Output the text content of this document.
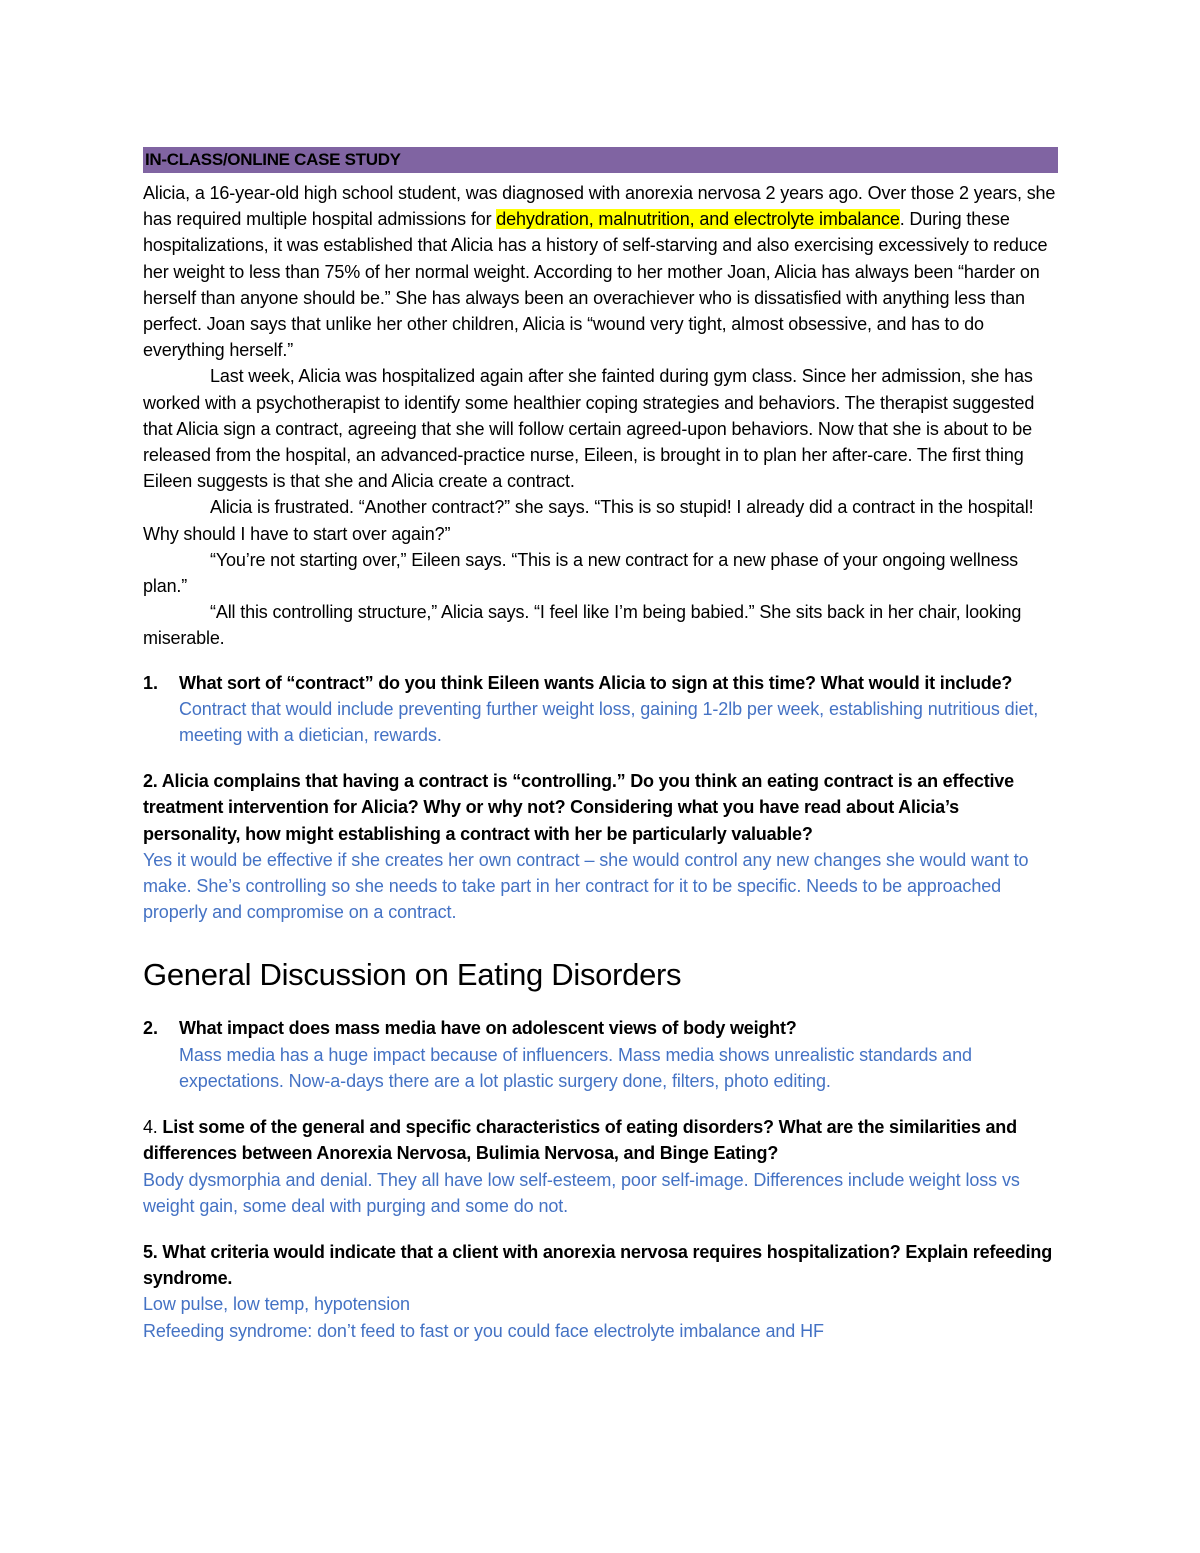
IN-CLASS/ONLINE CASE STUDY

Alicia, a 16-year-old high school student, was diagnosed with anorexia nervosa 2 years ago. Over those 2 years, she has required multiple hospital admissions for dehydration, malnutrition, and electrolyte imbalance. During these hospitalizations, it was established that Alicia has a history of self-starving and also exercising excessively to reduce her weight to less than 75% of her normal weight. According to her mother Joan, Alicia has always been “harder on herself than anyone should be.” She has always been an overachiever who is dissatisfied with anything less than perfect. Joan says that unlike her other children, Alicia is “wound very tight, almost obsessive, and has to do everything herself.”

Last week, Alicia was hospitalized again after she fainted during gym class. Since her admission, she has worked with a psychotherapist to identify some healthier coping strategies and behaviors. The therapist suggested that Alicia sign a contract, agreeing that she will follow certain agreed-upon behaviors. Now that she is about to be released from the hospital, an advanced-practice nurse, Eileen, is brought in to plan her after-care. The first thing Eileen suggests is that she and Alicia create a contract.

Alicia is frustrated. “Another contract?” she says. “This is so stupid! I already did a contract in the hospital! Why should I have to start over again?”

“You’re not starting over,” Eileen says. “This is a new contract for a new phase of your ongoing wellness plan.”

“All this controlling structure,” Alicia says. “I feel like I’m being babied.” She sits back in her chair, looking miserable.

1.	What sort of “contract” do you think Eileen wants Alicia to sign at this time? What would it include?
Contract that would include preventing further weight loss, gaining 1-2lb per week, establishing nutritious diet, meeting with a dietician, rewards.
2. Alicia complains that having a contract is “controlling.” Do you think an eating contract is an effective treatment intervention for Alicia? Why or why not? Considering what you have read about Alicia’s personality, how might establishing a contract with her be particularly valuable?
Yes it would be effective if she creates her own contract – she would control any new changes she would want to make. She’s controlling so she needs to take part in her contract for it to be specific. Needs to be approached properly and compromise on a contract.
General Discussion on Eating Disorders
2.	What impact does mass media have on adolescent views of body weight?
Mass media has a huge impact because of influencers. Mass media shows unrealistic standards and expectations. Now-a-days there are a lot plastic surgery done, filters, photo editing.
4. List some of the general and specific characteristics of eating disorders? What are the similarities and differences between Anorexia Nervosa, Bulimia Nervosa, and Binge Eating?
Body dysmorphia and denial. They all have low self-esteem, poor self-image. Differences include weight loss vs weight gain, some deal with purging and some do not.
5. What criteria would indicate that a client with anorexia nervosa requires hospitalization? Explain refeeding syndrome.
Low pulse, low temp, hypotension
Refeeding syndrome: don’t feed to fast or you could face electrolyte imbalance and HF
